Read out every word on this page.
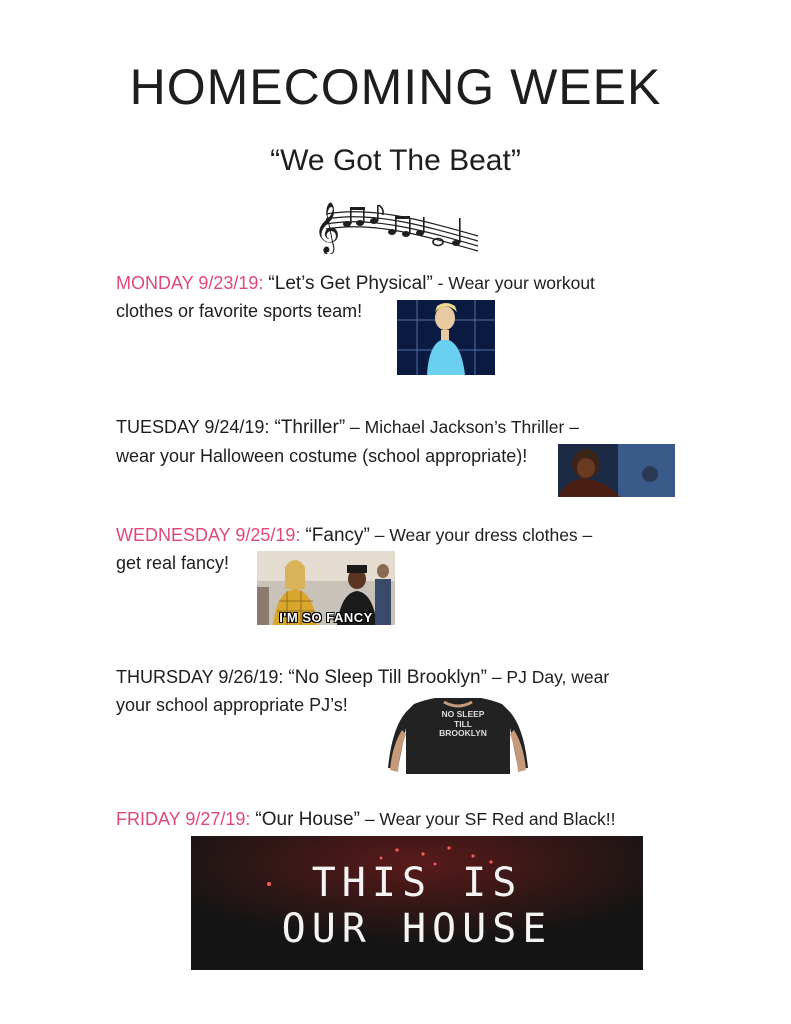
HOMECOMING WEEK
“We Got The Beat”
𝄞
MONDAY 9/23/19: “Let’s Get Physical” - Wear your workout
clothes or favorite sports team!
TUESDAY 9/24/19: “Thriller” – Michael Jackson’s Thriller –
wear your Halloween costume (school appropriate)!
WEDNESDAY 9/25/19: “Fancy” – Wear your dress clothes –
get real fancy!
I'M SO FANCY
THURSDAY 9/26/19: “No Sleep Till Brooklyn” – PJ Day, wear
your school appropriate PJ’s!	NO SLEEP
TILL
BROOKLYN
FRIDAY 9/27/19: “Our House” – Wear your SF Red and Black!!
THIS IS
OUR HOUSE
